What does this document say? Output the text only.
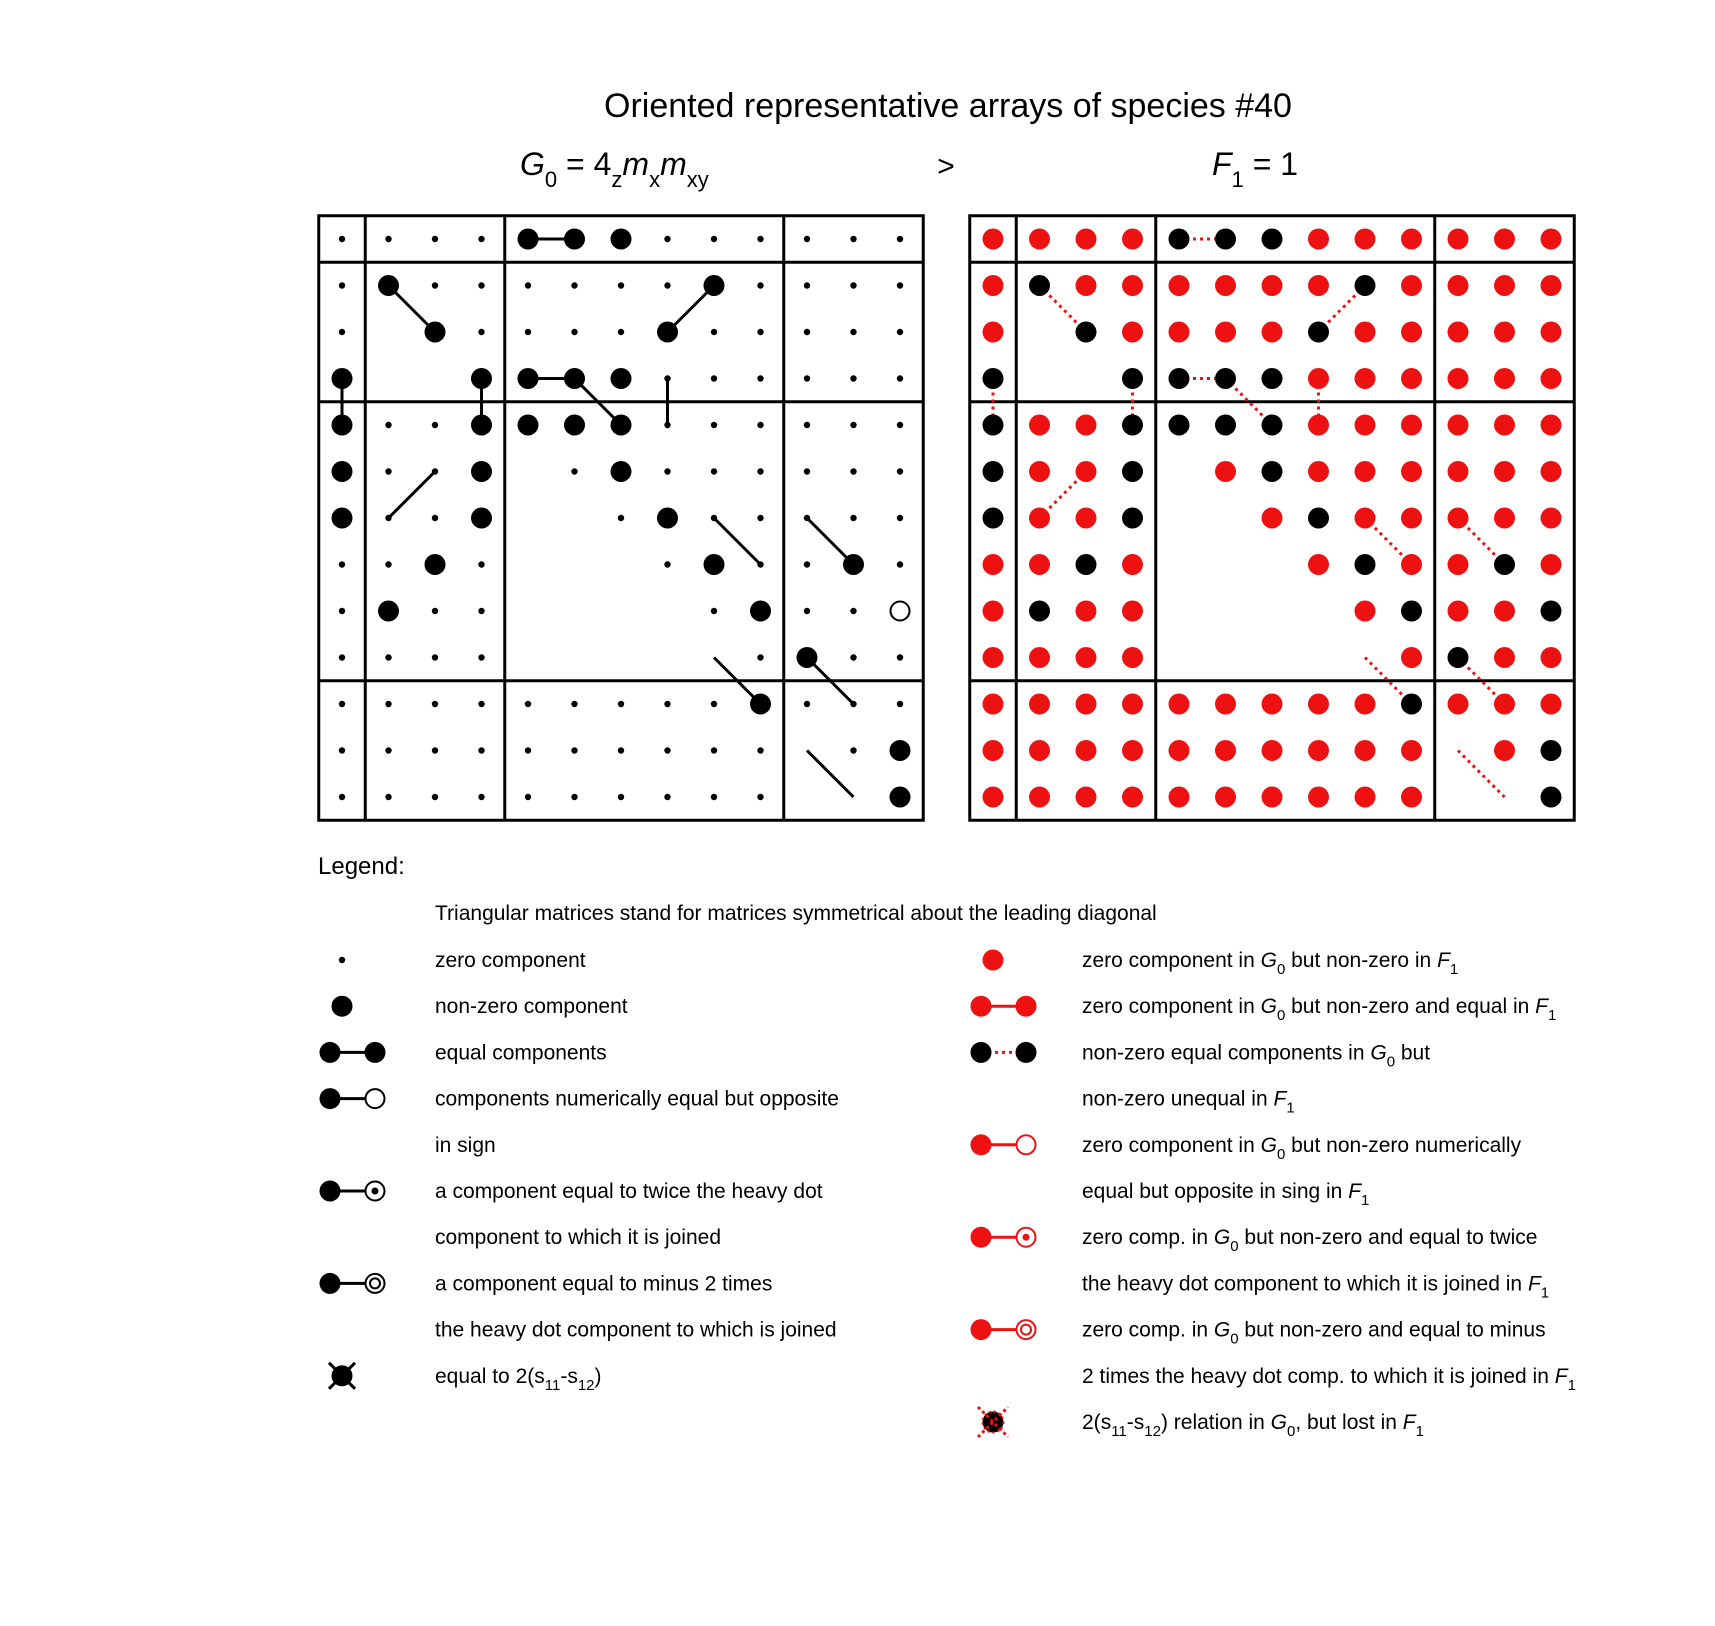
Oriented representative arrays of species #40
$G_0 = 4_zm_xm_{xy}$	>	$F_1 = 1$
Legend:
Triangular matrices stand for matrices symmetrical about the leading diagonal
zero component
non-zero component
equal components
components numerically equal but opposite
in sign
a component equal to twice the heavy dot
component to which it is joined
a component equal to minus 2 times
the heavy dot component to which is joined
equal to $2(s_{11}-s_{12})$
zero component in $G_0$ but non-zero in $F_1$
zero component in $G_0$ but non-zero and equal in $F_1$
non-zero equal components in $G_0$ but
non-zero unequal in $F_1$
zero component in $G_0$ but non-zero numerically
equal but opposite in sing in $F_1$
zero comp. in $G_0$ but non-zero and equal to twice
the heavy dot component to which it is joined in $F_1$
zero comp. in $G_0$ but non-zero and equal to minus
2 times the heavy dot comp. to which it is joined in $F_1$
$2(s_{11}-s_{12})$ relation in $G_0$, but lost in $F_1$
